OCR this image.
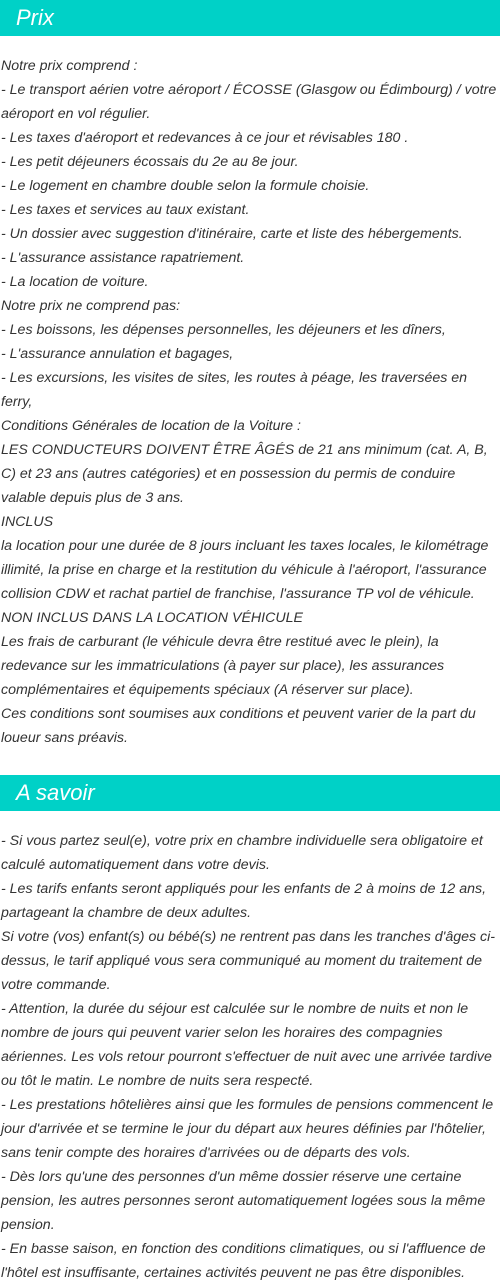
Prix

Notre prix comprend :

- Le transport aérien votre aéroport / ÉCOSSE (Glasgow ou Édimbourg) / votre aéroport en vol régulier.

- Les taxes d'aéroport et redevances à ce jour et révisables 180 .

- Les petit déjeuners écossais du 2e au 8e jour.

- Le logement en chambre double selon la formule choisie.

- Les taxes et services au taux existant.

- Un dossier avec suggestion d'itinéraire, carte et liste des hébergements.

- L'assurance assistance rapatriement.

- La location de voiture.

Notre prix ne comprend pas:

- Les boissons, les dépenses personnelles, les déjeuners et les dîners,

- L'assurance annulation et bagages,

- Les excursions, les visites de sites, les routes à péage, les traversées en ferry,

Conditions Générales de location de la Voiture :

LES CONDUCTEURS DOIVENT ÊTRE ÂGÉS de 21 ans minimum (cat. A, B, C) et 23 ans (autres catégories) et en possession du permis de conduire valable depuis plus de 3 ans.

INCLUS

la location pour une durée de 8 jours incluant les taxes locales, le kilométrage illimité, la prise en charge et la restitution du véhicule à l'aéroport, l'assurance collision CDW et rachat partiel de franchise, l'assurance TP vol de véhicule.

NON INCLUS DANS LA LOCATION VÉHICULE

Les frais de carburant (le véhicule devra être restitué avec le plein), la redevance sur les immatriculations (à payer sur place), les assurances complémentaires et équipements spéciaux (A réserver sur place).

Ces conditions sont soumises aux conditions et peuvent varier de la part du loueur sans préavis.

A savoir

- Si vous partez seul(e), votre prix en chambre individuelle sera obligatoire et calculé automatiquement dans votre devis.

- Les tarifs enfants seront appliqués pour les enfants de 2 à moins de 12 ans, partageant la chambre de deux adultes.

Si votre (vos) enfant(s) ou bébé(s) ne rentrent pas dans les tranches d'âges ci-dessus, le tarif appliqué vous sera communiqué au moment du traitement de votre commande.

- Attention, la durée du séjour est calculée sur le nombre de nuits et non le nombre de jours qui peuvent varier selon les horaires des compagnies aériennes. Les vols retour pourront s'effectuer de nuit avec une arrivée tardive ou tôt le matin. Le nombre de nuits sera respecté.

- Les prestations hôtelières ainsi que les formules de pensions commencent le jour d'arrivée et se termine le jour du départ aux heures définies par l'hôtelier, sans tenir compte des horaires d'arrivées ou de départs des vols.

- Dès lors qu'une des personnes d'un même dossier réserve une certaine pension, les autres personnes seront automatiquement logées sous la même pension.

- En basse saison, en fonction des conditions climatiques, ou si l'affluence de l'hôtel est insuffisante, certaines activités peuvent ne pas être disponibles.
